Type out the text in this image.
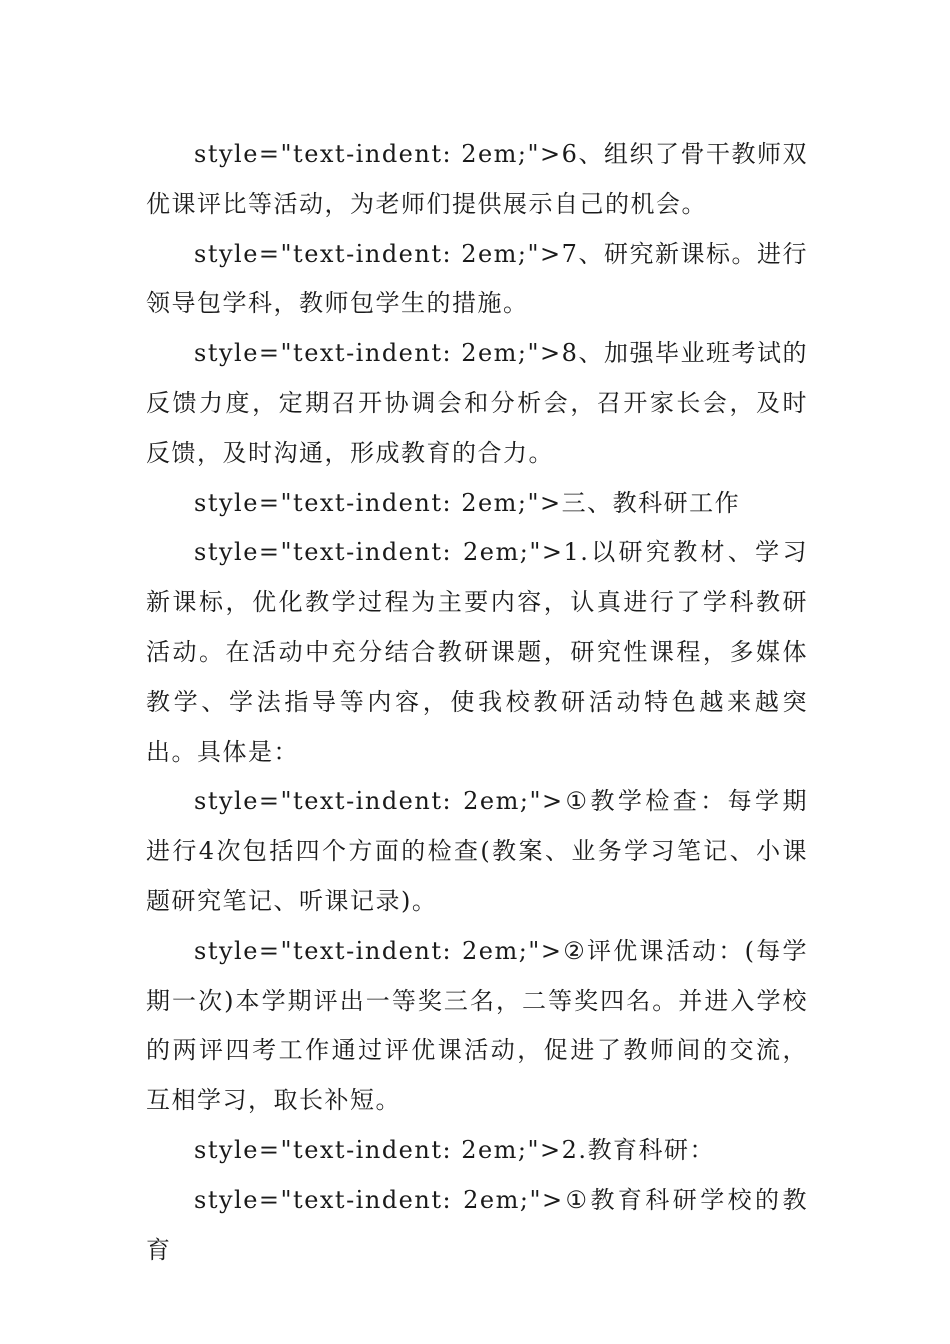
style="text-indent: 2em;">6、组织了骨干教师双优课评比等活动，为老师们提供展示自己的机会。

style="text-indent: 2em;">7、研究新课标。进行领导包学科，教师包学生的措施。

style="text-indent: 2em;">8、加强毕业班考试的反馈力度，定期召开协调会和分析会，召开家长会，及时反馈，及时沟通，形成教育的合力。

style="text-indent: 2em;">三、教科研工作

style="text-indent: 2em;">1.以研究教材、学习新课标，优化教学过程为主要内容，认真进行了学科教研活动。在活动中充分结合教研课题，研究性课程，多媒体教学、学法指导等内容，使我校教研活动特色越来越突出。具体是：

style="text-indent: 2em;">①教学检查：每学期进行4次包括四个方面的检查(教案、业务学习笔记、小课题研究笔记、听课记录)。

style="text-indent: 2em;">②评优课活动：(每学期一次)本学期评出一等奖三名，二等奖四名。并进入学校的两评四考工作通过评优课活动，促进了教师间的交流，互相学习，取长补短。

style="text-indent: 2em;">2.教育科研：

style="text-indent: 2em;">①教育科研学校的教育
